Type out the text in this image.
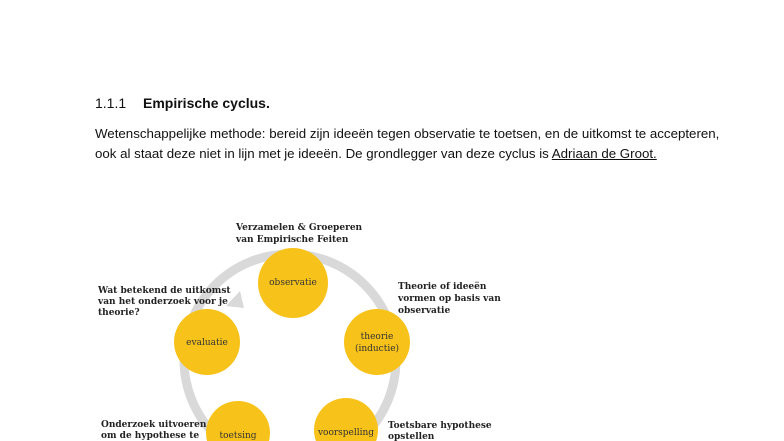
1.1.1 Empirische cyclus.
Wetenschappelijke methode: bereid zijn ideeën tegen observatie te toetsen, en de uitkomst te accepteren, ook al staat deze niet in lijn met je ideeën. De grondlegger van deze cyclus is Adriaan de Groot.
observatie
theorie
(inductie)
evaluatie
toetsing	voorspelling
Verzamelen & Groeperen
van Empirische Feiten
Theorie of ideeën
vormen op basis van
observatie
Wat betekend de uitkomst
van het onderzoek voor je
theorie?
Onderzoek uitvoeren
om de hypothese te
Toetsbare hypothese
opstellen
